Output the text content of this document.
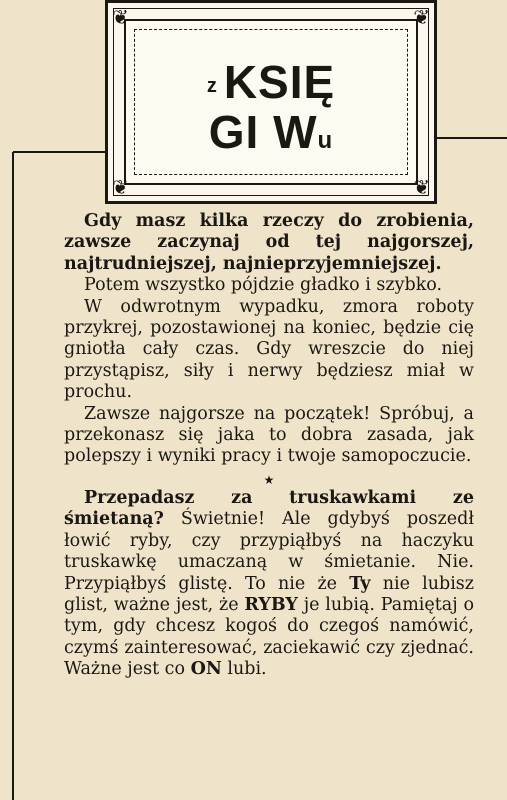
❦	❦
❦	❦
z KSIĘ
GI Wu

Gdy masz kilka rzeczy do zrobienia, zawsze zaczynaj od tej najgorszej, najtrudniejszej, najnieprzyjemniejszej.

Potem wszystko pójdzie gładko i szybko.

W odwrotnym wypadku, zmora roboty przykrej, pozostawionej na koniec, będzie cię gniotła cały czas. Gdy wreszcie do niej przystąpisz, siły i nerwy będziesz miał w prochu.

Zawsze najgorsze na początek! Spróbuj, a przekonasz się jaka to dobra zasada, jak polepszy i wyniki pracy i twoje samopoczucie.

★

Przepadasz za truskawkami ze śmietaną? Świetnie! Ale gdybyś poszedł łowić ryby, czy przypiąłbyś na haczyku truskawkę umaczaną w śmietanie. Nie. Przypiąłbyś glistę. To nie że Ty nie lubisz glist, ważne jest, że RYBY je lubią. Pamiętaj o tym, gdy chcesz kogoś do czegoś namówić, czymś zainteresować, zaciekawić czy zjednać. Ważne jest co ON lubi.
